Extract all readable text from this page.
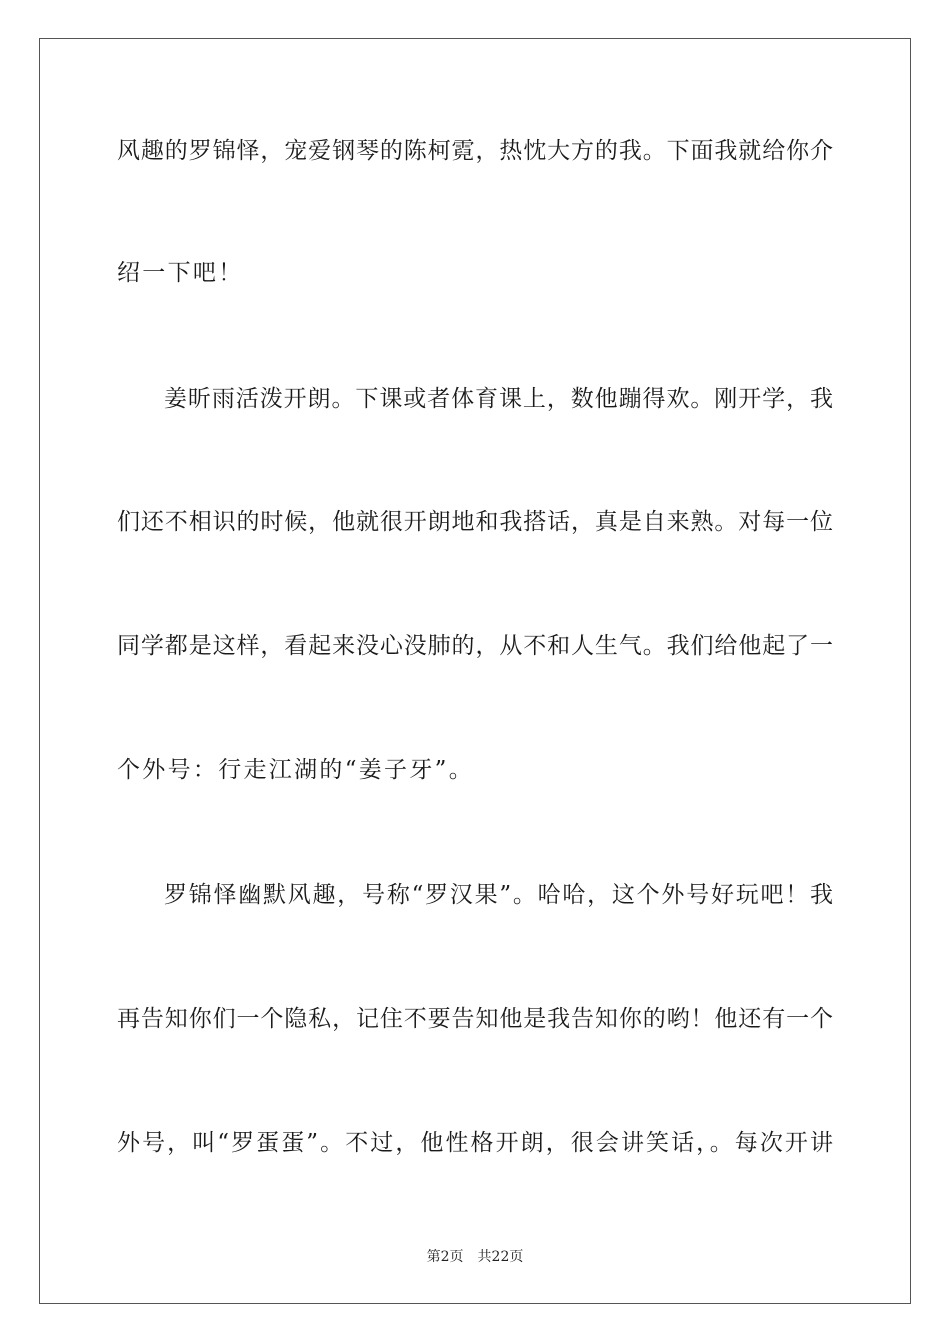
风趣的罗锦怿，宠爱钢琴的陈柯霓，热忱大方的我。下面我就给你介
绍一下吧！
姜昕雨活泼开朗。下课或者体育课上，数他蹦得欢。刚开学，我
们还不相识的时候，他就很开朗地和我搭话，真是自来熟。对每一位
同学都是这样，看起来没心没肺的，从不和人生气。我们给他起了一
个外号：行走江湖的“姜子牙”。
罗锦怿幽默风趣，号称“罗汉果”。哈哈，这个外号好玩吧！我
再告知你们一个隐私，记住不要告知他是我告知你的哟！他还有一个
外号，叫“罗蛋蛋”。不过，他性格开朗，很会讲笑话，。每次开讲
第2页 共22页
